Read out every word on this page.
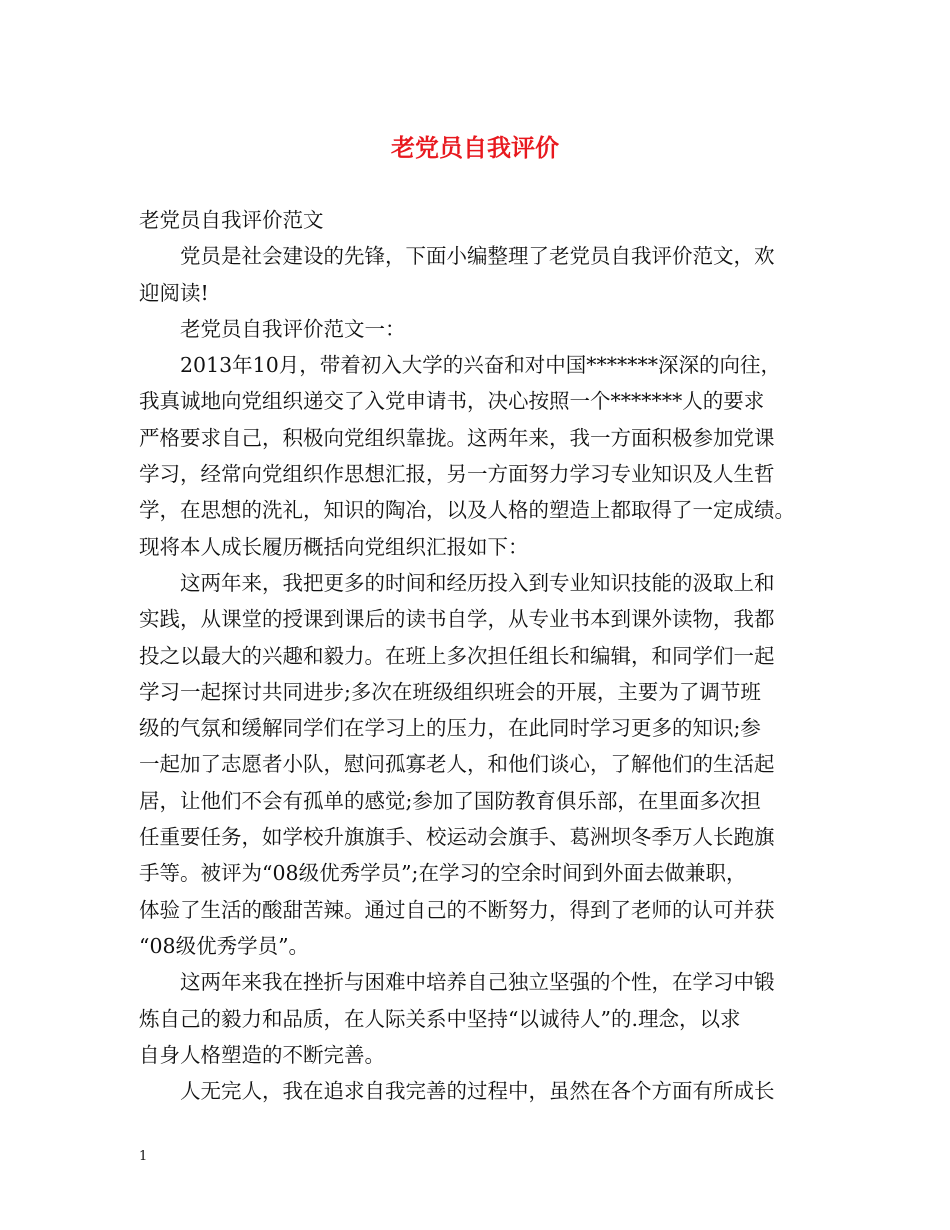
老党员自我评价
老党员自我评价范文
党员是社会建设的先锋，下面小编整理了老党员自我评价范文，欢
迎阅读!
老党员自我评价范文一：
2013年10月，带着初入大学的兴奋和对中国*******深深的向往，
我真诚地向党组织递交了入党申请书，决心按照一个*******人的要求
严格要求自己，积极向党组织靠拢。这两年来，我一方面积极参加党课
学习，经常向党组织作思想汇报，另一方面努力学习专业知识及人生哲
学，在思想的洗礼，知识的陶冶，以及人格的塑造上都取得了一定成绩。
现将本人成长履历概括向党组织汇报如下：
这两年来，我把更多的时间和经历投入到专业知识技能的汲取上和
实践，从课堂的授课到课后的读书自学，从专业书本到课外读物，我都
投之以最大的兴趣和毅力。在班上多次担任组长和编辑，和同学们一起
学习一起探讨共同进步;多次在班级组织班会的开展，主要为了调节班
级的气氛和缓解同学们在学习上的压力，在此同时学习更多的知识;参
一起加了志愿者小队，慰问孤寡老人，和他们谈心，了解他们的生活起
居，让他们不会有孤单的感觉;参加了国防教育俱乐部，在里面多次担
任重要任务，如学校升旗旗手、校运动会旗手、葛洲坝冬季万人长跑旗
手等。被评为“08级优秀学员”;在学习的空余时间到外面去做兼职，
体验了生活的酸甜苦辣。通过自己的不断努力，得到了老师的认可并获
“08级优秀学员”。
这两年来我在挫折与困难中培养自己独立坚强的个性，在学习中锻
炼自己的毅力和品质，在人际关系中坚持“以诚待人”的.理念，以求
自身人格塑造的不断完善。
人无完人，我在追求自我完善的过程中，虽然在各个方面有所成长
1
